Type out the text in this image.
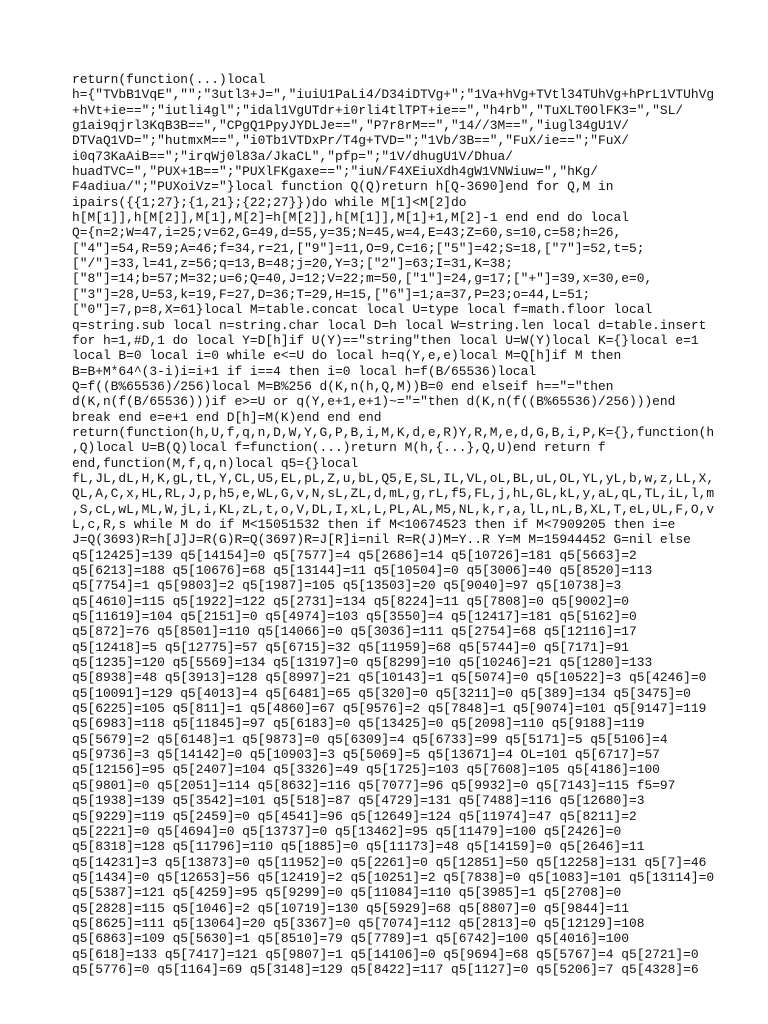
return(function(...)local
h={"TVbB1VqE","";"3utl3+J=","iuiU1PaLi4/D34iDTVg+";"1Va+hVg+TVtl34TUhVg+hPrL1VTUhVg
+hVt+ie==";"iutli4gl";"idal1VgUTdr+i0rli4tlTPT+ie==","h4rb","TuXLT0OlFK3=","SL/
g1ai9qjrl3KqB3B==","CPgQ1PpyJYDLJe==","P7r8rM==","14//3M==","iugl34gU1V/
DTVaQ1VD=";"hutmxM==","i0Tb1VTDxPr/T4g+TVD=";"1Vb/3B==","FuX/ie==";"FuX/
i0q73KaAiB==";"irqWj0l83a/JkaCL","pfp=";"1V/dhugU1V/Dhua/
huadTVC=","PUX+1B==";"PUXlFKgaxe==";"iuN/F4XEiuXdh4gW1VNWiuw=","hKg/
F4adiua/";"PUXoiVz="}local function Q(Q)return h[Q-3690]end for Q,M in
ipairs({{1;27};{1,21};{22;27}})do while M[1]<M[2]do
h[M[1]],h[M[2]],M[1],M[2]=h[M[2]],h[M[1]],M[1]+1,M[2]-1 end end do local
Q={n=2;W=47,i=25;v=62,G=49,d=55,y=35;N=45,w=4,E=43;Z=60,s=10,c=58;h=26,
["4"]=54,R=59;A=46;f=34,r=21,["9"]=11,O=9,C=16;["5"]=42;S=18,["7"]=52,t=5;
["/"]=33,l=41,z=56;q=13,B=48;j=20,Y=3;["2"]=63;I=31,K=38;
["8"]=14;b=57;M=32;u=6;Q=40,J=12;V=22;m=50,["1"]=24,g=17;["+"]=39,x=30,e=0,
["3"]=28,U=53,k=19,F=27,D=36;T=29,H=15,["6"]=1;a=37,P=23;o=44,L=51;
["0"]=7,p=8,X=61}local M=table.concat local U=type local f=math.floor local
q=string.sub local n=string.char local D=h local W=string.len local d=table.insert
for h=1,#D,1 do local Y=D[h]if U(Y)=="string"then local U=W(Y)local K={}local e=1
local B=0 local i=0 while e<=U do local h=q(Y,e,e)local M=Q[h]if M then
B=B+M*64^(3-i)i=i+1 if i==4 then i=0 local h=f(B/65536)local
Q=f((B%65536)/256)local M=B%256 d(K,n(h,Q,M))B=0 end elseif h=="="then
d(K,n(f(B/65536)))if e>=U or q(Y,e+1,e+1)~="="then d(K,n(f((B%65536)/256)))end
break end e=e+1 end D[h]=M(K)end end end
return(function(h,U,f,q,n,D,W,Y,G,P,B,i,M,K,d,e,R)Y,R,M,e,d,G,B,i,P,K={},function(h
,Q)local U=B(Q)local f=function(...)return M(h,{...},Q,U)end return f
end,function(M,f,q,n)local q5={}local
fL,JL,dL,H,K,gL,tL,Y,CL,U5,EL,pL,Z,u,bL,Q5,E,SL,IL,VL,oL,BL,uL,OL,YL,yL,b,w,z,LL,X,
QL,A,C,x,HL,RL,J,p,h5,e,WL,G,v,N,sL,ZL,d,mL,g,rL,f5,FL,j,hL,GL,kL,y,aL,qL,TL,iL,l,m
,S,cL,wL,ML,W,jL,i,KL,zL,t,o,V,DL,I,xL,L,PL,AL,M5,NL,k,r,a,lL,nL,B,XL,T,eL,UL,F,O,v
L,c,R,s while M do if M<15051532 then if M<10674523 then if M<7909205 then i=e
J=Q(3693)R=h[J]J=R(G)R=Q(3697)R=J[R]i=nil R=R(J)M=Y..R Y=M M=15944452 G=nil else
q5[12425]=139 q5[14154]=0 q5[7577]=4 q5[2686]=14 q5[10726]=181 q5[5663]=2
q5[6213]=188 q5[10676]=68 q5[13144]=11 q5[10504]=0 q5[3006]=40 q5[8520]=113
q5[7754]=1 q5[9803]=2 q5[1987]=105 q5[13503]=20 q5[9040]=97 q5[10738]=3
q5[4610]=115 q5[1922]=122 q5[2731]=134 q5[8224]=11 q5[7808]=0 q5[9002]=0
q5[11619]=104 q5[2151]=0 q5[4974]=103 q5[3550]=4 q5[12417]=181 q5[5162]=0
q5[872]=76 q5[8501]=110 q5[14066]=0 q5[3036]=111 q5[2754]=68 q5[12116]=17
q5[12418]=5 q5[12775]=57 q5[6715]=32 q5[11959]=68 q5[5744]=0 q5[7171]=91
q5[1235]=120 q5[5569]=134 q5[13197]=0 q5[8299]=10 q5[10246]=21 q5[1280]=133
q5[8938]=48 q5[3913]=128 q5[8997]=21 q5[10143]=1 q5[5074]=0 q5[10522]=3 q5[4246]=0
q5[10091]=129 q5[4013]=4 q5[6481]=65 q5[320]=0 q5[3211]=0 q5[389]=134 q5[3475]=0
q5[6225]=105 q5[811]=1 q5[4860]=67 q5[9576]=2 q5[7848]=1 q5[9074]=101 q5[9147]=119
q5[6983]=118 q5[11845]=97 q5[6183]=0 q5[13425]=0 q5[2098]=110 q5[9188]=119
q5[5679]=2 q5[6148]=1 q5[9873]=0 q5[6309]=4 q5[6733]=99 q5[5171]=5 q5[5106]=4
q5[9736]=3 q5[14142]=0 q5[10903]=3 q5[5069]=5 q5[13671]=4 OL=101 q5[6717]=57
q5[12156]=95 q5[2407]=104 q5[3326]=49 q5[1725]=103 q5[7608]=105 q5[4186]=100
q5[9801]=0 q5[2051]=114 q5[8632]=116 q5[7077]=96 q5[9932]=0 q5[7143]=115 f5=97
q5[1938]=139 q5[3542]=101 q5[518]=87 q5[4729]=131 q5[7488]=116 q5[12680]=3
q5[9229]=119 q5[2459]=0 q5[4541]=96 q5[12649]=124 q5[11974]=47 q5[8211]=2
q5[2221]=0 q5[4694]=0 q5[13737]=0 q5[13462]=95 q5[11479]=100 q5[2426]=0
q5[8318]=128 q5[11796]=110 q5[1885]=0 q5[11173]=48 q5[14159]=0 q5[2646]=11
q5[14231]=3 q5[13873]=0 q5[11952]=0 q5[2261]=0 q5[12851]=50 q5[12258]=131 q5[7]=46
q5[1434]=0 q5[12653]=56 q5[12419]=2 q5[10251]=2 q5[7838]=0 q5[1083]=101 q5[13114]=0
q5[5387]=121 q5[4259]=95 q5[9299]=0 q5[11084]=110 q5[3985]=1 q5[2708]=0
q5[2828]=115 q5[1046]=2 q5[10719]=130 q5[5929]=68 q5[8807]=0 q5[9844]=11
q5[8625]=111 q5[13064]=20 q5[3367]=0 q5[7074]=112 q5[2813]=0 q5[12129]=108
q5[6863]=109 q5[5630]=1 q5[8510]=79 q5[7789]=1 q5[6742]=100 q5[4016]=100
q5[618]=133 q5[7417]=121 q5[9807]=1 q5[14106]=0 q5[9694]=68 q5[5767]=4 q5[2721]=0
q5[5776]=0 q5[1164]=69 q5[3148]=129 q5[8422]=117 q5[1127]=0 q5[5206]=7 q5[4328]=6
